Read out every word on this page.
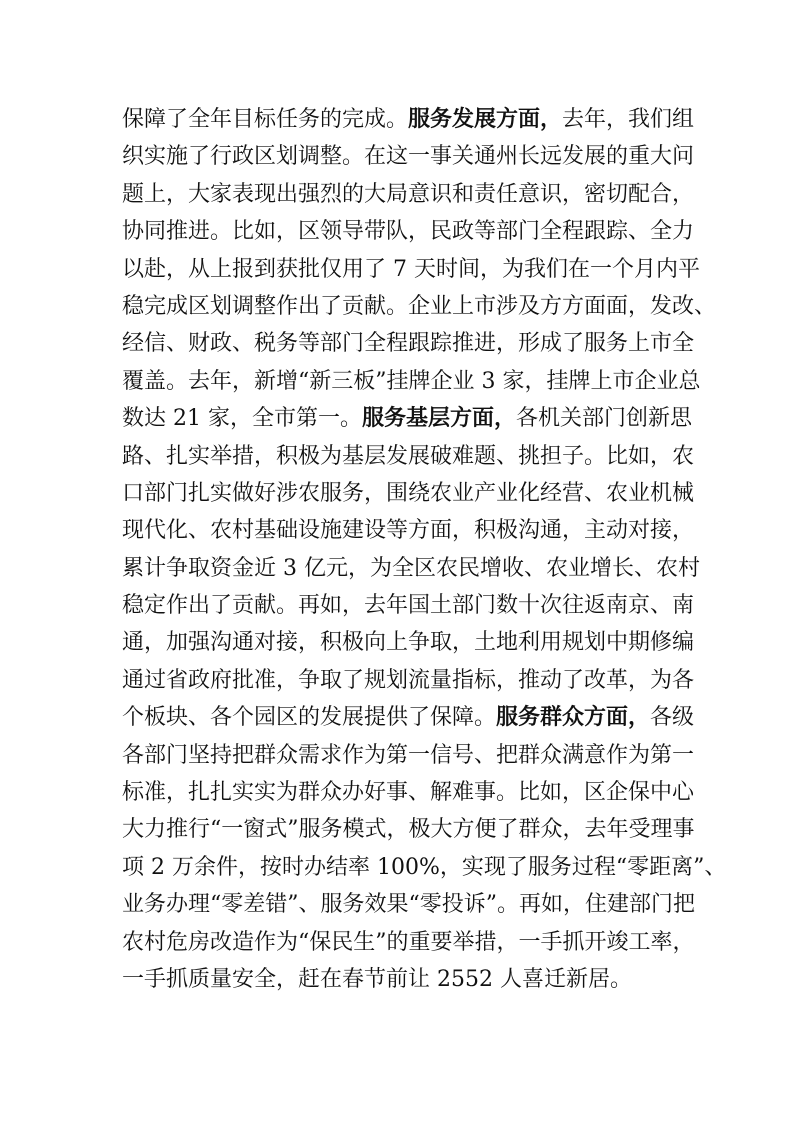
保障了全年目标任务的完成。服务发展方面，去年，我们组
织实施了行政区划调整。在这一事关通州长远发展的重大问
题上，大家表现出强烈的大局意识和责任意识，密切配合，
协同推进。比如，区领导带队，民政等部门全程跟踪、全力
以赴，从上报到获批仅用了 7 天时间，为我们在一个月内平
稳完成区划调整作出了贡献。企业上市涉及方方面面，发改、
经信、财政、税务等部门全程跟踪推进，形成了服务上市全
覆盖。去年，新增“新三板”挂牌企业 3 家，挂牌上市企业总
数达 21 家，全市第一。服务基层方面，各机关部门创新思
路、扎实举措，积极为基层发展破难题、挑担子。比如，农
口部门扎实做好涉农服务，围绕农业产业化经营、农业机械
现代化、农村基础设施建设等方面，积极沟通，主动对接，
累计争取资金近 3 亿元，为全区农民增收、农业增长、农村
稳定作出了贡献。再如，去年国土部门数十次往返南京、南
通，加强沟通对接，积极向上争取，土地利用规划中期修编
通过省政府批准，争取了规划流量指标，推动了改革，为各
个板块、各个园区的发展提供了保障。服务群众方面，各级
各部门坚持把群众需求作为第一信号、把群众满意作为第一
标准，扎扎实实为群众办好事、解难事。比如，区企保中心
大力推行“一窗式”服务模式，极大方便了群众，去年受理事
项 2 万余件，按时办结率 100%，实现了服务过程“零距离”、
业务办理“零差错”、服务效果“零投诉”。再如，住建部门把
农村危房改造作为“保民生”的重要举措，一手抓开竣工率，
一手抓质量安全，赶在春节前让 2552 人喜迁新居。
